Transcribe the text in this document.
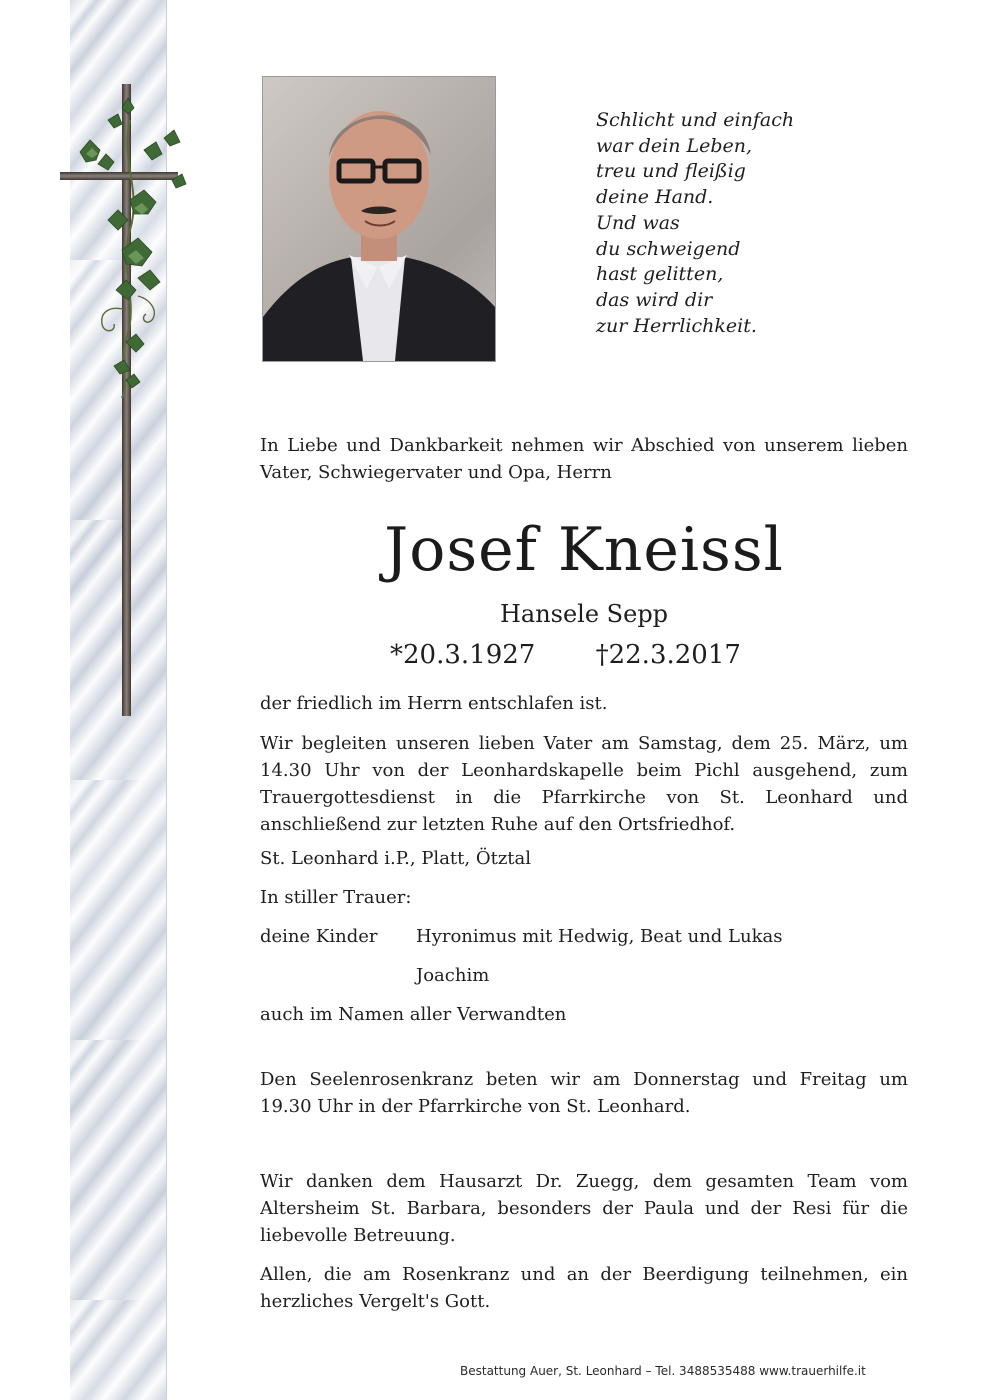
Schlicht und einfach
war dein Leben,
treu und fleißig
deine Hand.
Und was
du schweigend
hast gelitten,
das wird dir
zur Herrlichkeit.
In Liebe und Dankbarkeit nehmen wir Abschied von unserem lieben Vater, Schwiegervater und Opa, Herrn
Josef Kneissl
Hansele Sepp
*20.3.1927 †22.3.2017
der friedlich im Herrn entschlafen ist.
Wir begleiten unseren lieben Vater am Samstag, dem 25. März, um 14.30 Uhr von der Leonhardskapelle beim Pichl ausgehend, zum Trauergottesdienst in die Pfarrkirche von St. Leonhard und anschließend zur letzten Ruhe auf den Ortsfriedhof.
St. Leonhard i.P., Platt, Ötztal
In stiller Trauer:
deine Kinder Hyronimus mit Hedwig, Beat und Lukas
Joachim
auch im Namen aller Verwandten
Den Seelenrosenkranz beten wir am Donnerstag und Freitag um 19.30 Uhr in der Pfarrkirche von St. Leonhard.
Wir danken dem Hausarzt Dr. Zuegg, dem gesamten Team vom Altersheim St. Barbara, besonders der Paula und der Resi für die liebevolle Betreuung.
Allen, die am Rosenkranz und an der Beerdigung teilnehmen, ein herzliches Vergelt's Gott.
Bestattung Auer, St. Leonhard – Tel. 3488535488 www.trauerhilfe.it
